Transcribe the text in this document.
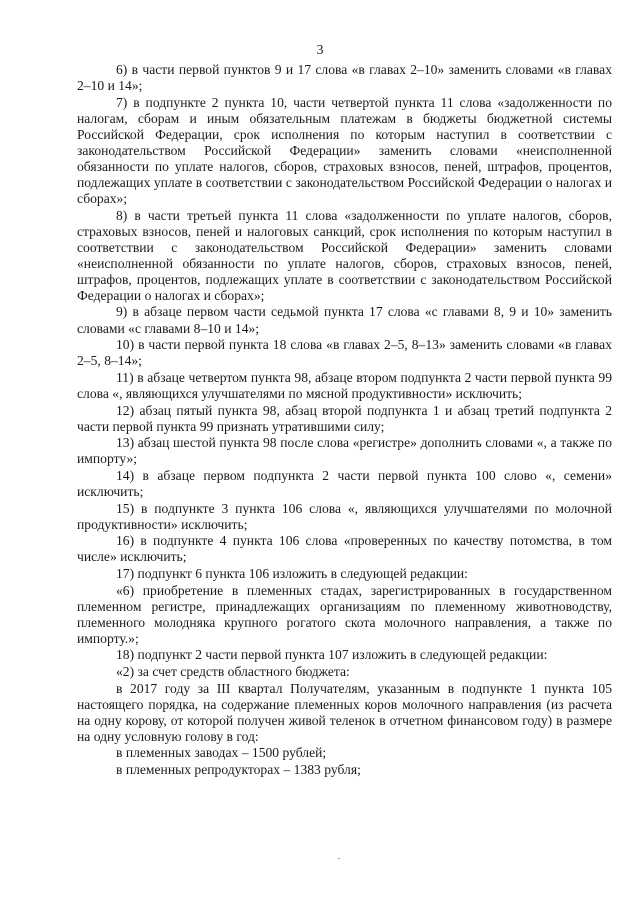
3

6) в части первой пунктов 9 и 17 слова «в главах 2–10» заменить словами «в главах 2–10 и 14»;

7) в подпункте 2 пункта 10, части четвертой пункта 11 слова «задолженности по налогам, сборам и иным обязательным платежам в бюджеты бюджетной системы Российской Федерации, срок исполнения по которым наступил в соответствии с законодательством Российской Федерации» заменить словами «неисполненной обязанности по уплате налогов, сборов, страховых взносов, пеней, штрафов, процентов, подлежащих уплате в соответствии с законодательством Российской Федерации о налогах и сборах»;

8) в части третьей пункта 11 слова «задолженности по уплате налогов, сборов, страховых взносов, пеней и налоговых санкций, срок исполнения по которым наступил в соответствии с законодательством Российской Федерации» заменить словами «неисполненной обязанности по уплате налогов, сборов, страховых взносов, пеней, штрафов, процентов, подлежащих уплате в соответствии с законодательством Российской Федерации о налогах и сборах»;

9) в абзаце первом части седьмой пункта 17 слова «с главами 8, 9 и 10» заменить словами «с главами 8–10 и 14»;

10) в части первой пункта 18 слова «в главах 2–5, 8–13» заменить словами «в главах 2–5, 8–14»;

11) в абзаце четвертом пункта 98, абзаце втором подпункта 2 части первой пункта 99 слова «, являющихся улучшателями по мясной продуктивности» исключить;

12) абзац пятый пункта 98, абзац второй подпункта 1 и абзац третий подпункта 2 части первой пункта 99 признать утратившими силу;

13) абзац шестой пункта 98 после слова «регистре» дополнить словами «, а также по импорту»;

14) в абзаце первом подпункта 2 части первой пункта 100 слово «, семени» исключить;

15) в подпункте 3 пункта 106 слова «, являющихся улучшателями по молочной продуктивности» исключить;

16) в подпункте 4 пункта 106 слова «проверенных по качеству потомства, в том числе» исключить;

17) подпункт 6 пункта 106 изложить в следующей редакции:

«6) приобретение в племенных стадах, зарегистрированных в государственном племенном регистре, принадлежащих организациям по племенному животноводству, племенного молодняка крупного рогатого скота молочного направления, а также по импорту.»;

18) подпункт 2 части первой пункта 107 изложить в следующей редакции:

«2) за счет средств областного бюджета:

в 2017 году за III квартал Получателям, указанным в подпункте 1 пункта 105 настоящего порядка, на содержание племенных коров молочного направления (из расчета на одну корову, от которой получен живой теленок в отчетном финансовом году) в размере на одну условную голову в год:

в племенных заводах – 1500 рублей;

в племенных репродукторах – 1383 рубля;
